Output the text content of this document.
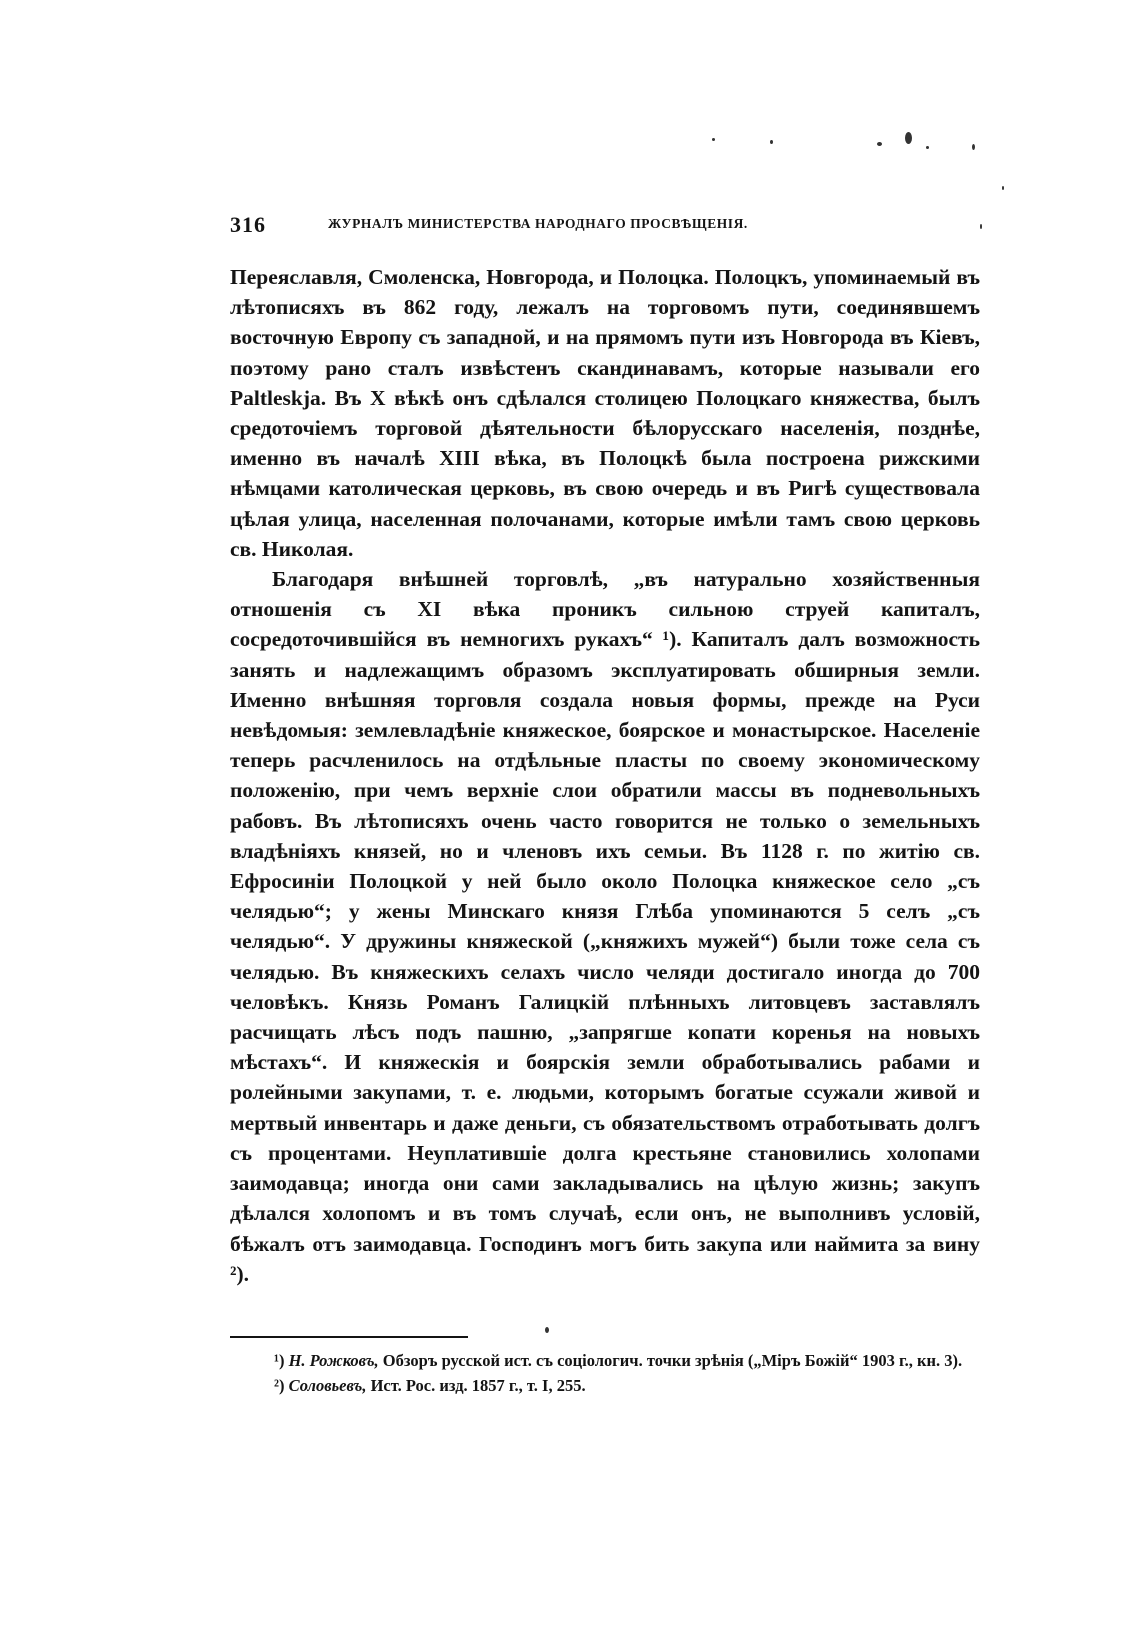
316	ЖУРНАЛЪ МИНИСТЕРСТВА НАРОДНАГО ПРОСВѢЩЕНІЯ.

Переяславля, Смоленска, Новгорода, и Полоцка. Полоцкъ, упоминаемый въ лѣтописяхъ въ 862 году, лежалъ на торговомъ пути, соединявшемъ восточную Европу съ западной, и на прямомъ пути изъ Новгорода въ Кіевъ, поэтому рано сталъ извѣстенъ скандинавамъ, которые называли его Paltleskja. Въ X вѣкѣ онъ сдѣлался столицею Полоцкаго княжества, былъ средоточіемъ торговой дѣятельности бѣлорусскаго населенія, позднѣе, именно въ началѣ XIII вѣка, въ Полоцкѣ была построена рижскими нѣмцами католическая церковь, въ свою очередь и въ Ригѣ существовала цѣлая улица, населенная полочанами, которые имѣли тамъ свою церковь св. Николая.

Благодаря внѣшней торговлѣ, „въ натурально хозяйственныя отношенія съ XI вѣка проникъ сильною струей капиталъ, сосредоточившійся въ немногихъ рукахъ“ ¹). Капиталъ далъ возможность занять и надлежащимъ образомъ эксплуатировать обширныя земли. Именно внѣшняя торговля создала новыя формы, прежде на Руси невѣдомыя: землевладѣніе княжеское, боярское и монастырское. Населеніе теперь расчленилось на отдѣльные пласты по своему экономическому положенію, при чемъ верхніе слои обратили массы въ подневольныхъ рабовъ. Въ лѣтописяхъ очень часто говорится не только о земельныхъ владѣніяхъ князей, но и членовъ ихъ семьи. Въ 1128 г. по житію св. Ефросиніи Полоцкой у ней было около Полоцка княжеское село „съ челядью“; у жены Минскаго князя Глѣба упоминаются 5 селъ „съ челядью“. У дружины княжеской („княжихъ мужей“) были тоже села съ челядью. Въ княжескихъ селахъ число челяди достигало иногда до 700 человѣкъ. Князь Романъ Галицкій плѣнныхъ литовцевъ заставлялъ расчищать лѣсъ подъ пашню, „запрягше копати коренья на новыхъ мѣстахъ“. И княжескія и боярскія земли обработывались рабами и ролейными закупами, т. е. людьми, которымъ богатые ссужали живой и мертвый инвентарь и даже деньги, съ обязательствомъ отработывать долгъ съ процентами. Неуплатившіе долга крестьяне становились холопами заимодавца; иногда они сами закладывались на цѣлую жизнь; закупъ дѣлался холопомъ и въ томъ случаѣ, если онъ, не выполнивъ условій, бѣжалъ отъ заимодавца. Господинъ могъ бить закупа или наймита за вину ²).

¹) Н. Рожковъ, Обзоръ русской ист. съ соціологич. точки зрѣнія („Міръ Божій“ 1903 г., кн. 3).

²) Соловьевъ, Ист. Рос. изд. 1857 г., т. I, 255.
